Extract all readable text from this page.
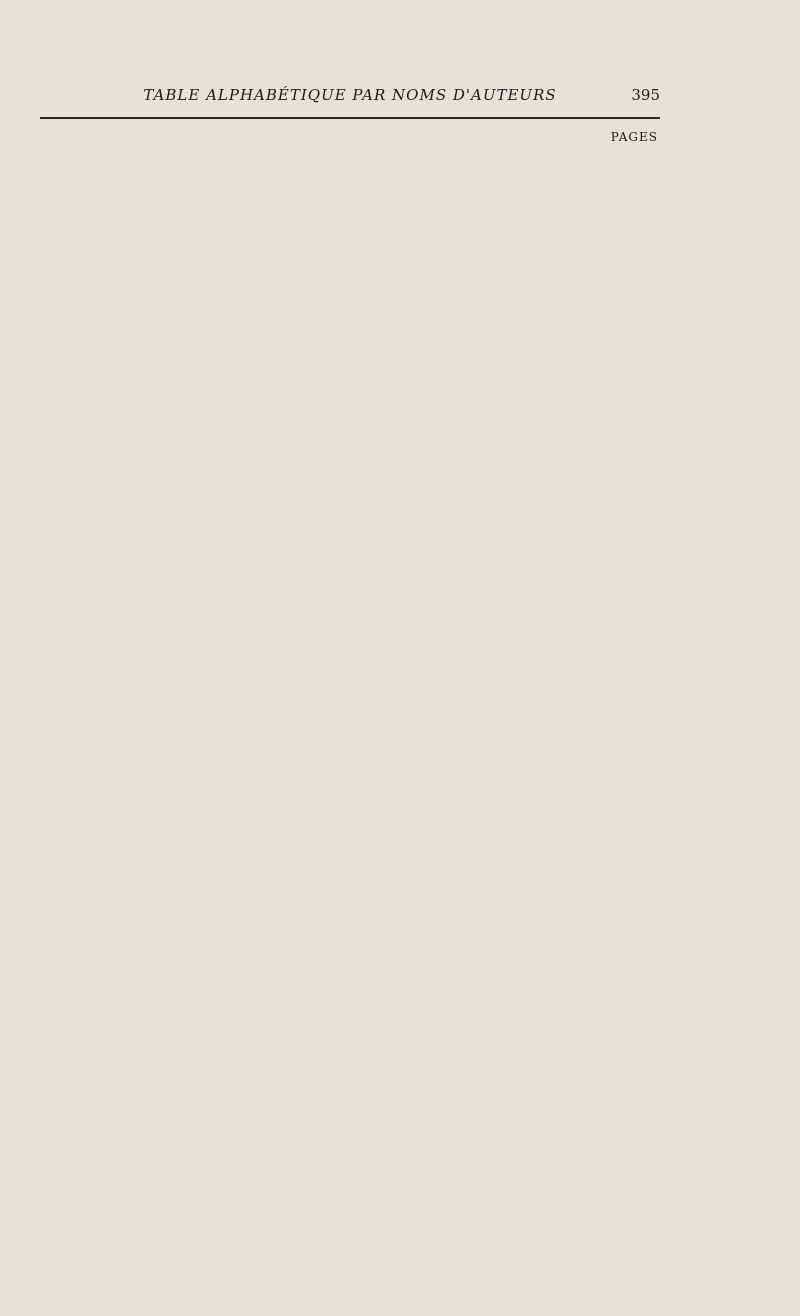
TABLE ALPHABÉTIQUE PAR NOMS D'AUTEURS	395
PAGES
